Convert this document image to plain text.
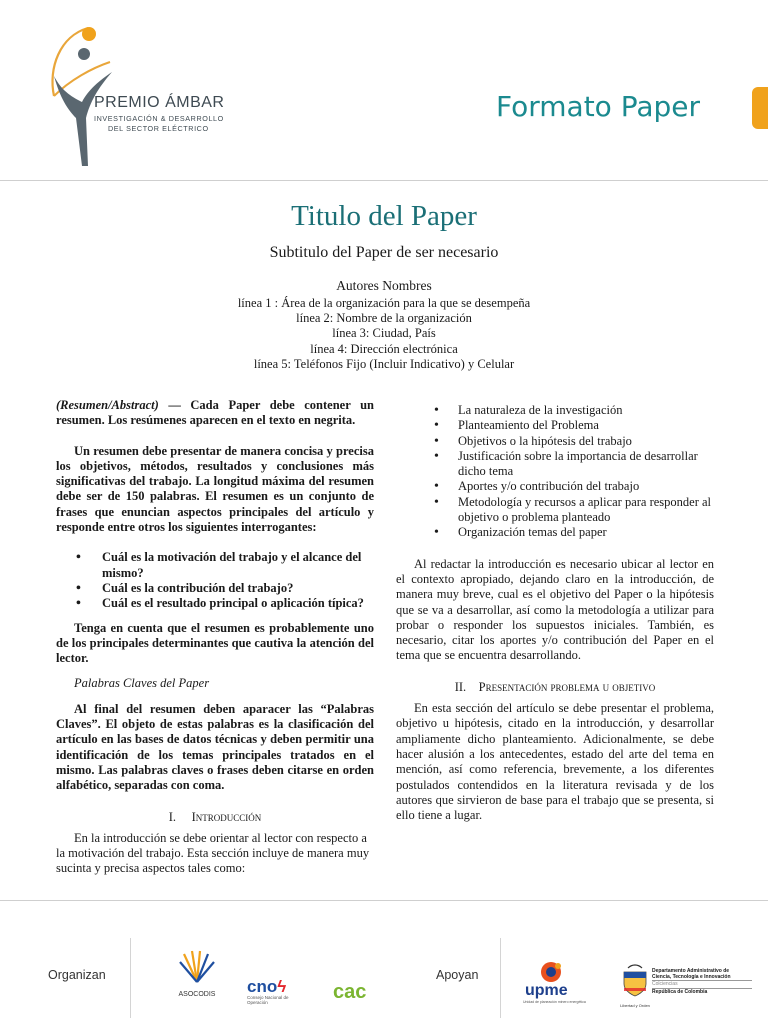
PREMIO ÁMBAR
INVESTIGACIÓN & DESARROLLO
DEL SECTOR ELÉCTRICO
Formato Paper
Titulo del Paper
Subtitulo del Paper de ser necesario
Autores Nombres
línea 1 : Área de la organización para la que se desempeña
línea 2: Nombre de la organización
línea 3: Ciudad, País
línea 4: Dirección electrónica
línea 5: Teléfonos Fijo (Incluir Indicativo) y Celular

(Resumen/Abstract) — Cada Paper debe contener un resumen. Los resúmenes aparecen en el texto en negrita.

Un resumen debe presentar de manera concisa y precisa los objetivos, métodos, resultados y conclusiones más significativas del trabajo. La longitud máxima del resumen debe ser de 150 palabras. El resumen es un conjunto de frases que enuncian aspectos principales del artículo y responde entre otros los siguientes interrogantes:

• Cuál es la motivación del trabajo y el alcance del mismo?
• Cuál es la contribución del trabajo?
• Cuál es el resultado principal o aplicación típica?

Tenga en cuenta que el resumen es probablemente uno de los principales determinantes que cautiva la atención del lector.

Palabras Claves del Paper

Al final del resumen deben aparacer las “Palabras Claves”. El objeto de estas palabras es la clasificación del artículo en las bases de datos técnicas y deben permitir una identificación de los temas principales tratados en el mismo. Las palabras claves o frases deben citarse en orden alfabético, separadas con coma.

I. Introducción

En la introducción se debe orientar al lector con respecto a la motivación del trabajo. Esta sección incluye de manera muy sucinta y precisa aspectos tales como:

• La naturaleza de la investigación
• Planteamiento del Problema
• Objetivos o la hipótesis del trabajo
• Justificación sobre la importancia de desarrollar dicho tema
• Aportes y/o contribución del trabajo
• Metodología y recursos a aplicar para responder al objetivo o problema planteado
• Organización temas del paper

Al redactar la introducción es necesario ubicar al lector en el contexto apropiado, dejando claro en la introducción, de manera muy breve, cual es el objetivo del Paper o la hipótesis que se va a desarrollar, así como la metodología a utilizar para probar o responder los supuestos iniciales. También, es necesario, citar los aportes y/o contribución del Paper en el tema que se encuentra desarrollando.

II. Presentación problema u objetivo

En esta sección del artículo se debe presentar el problema, objetivo u hipótesis, citado en la introducción, y desarrollar ampliamente dicho planteamiento. Adicionalmente, se debe hacer alusión a los antecedentes, estado del arte del tema en mención, así como referencia, brevemente, a los diferentes postulados contendidos en la literatura revisada y de los autores que sirvieron de base para el trabajo que se presenta, si ello tiene a lugar.

Organizan
ASOCODIS	cnoϟ
Consejo Nacional de Operación	cac
Apoyan
upme
Unidad de planeación minero energética
Libertad y Orden
Departamento Administrativo de
Ciencia, Tecnología e Innovación
Colciencias
República de Colombia
